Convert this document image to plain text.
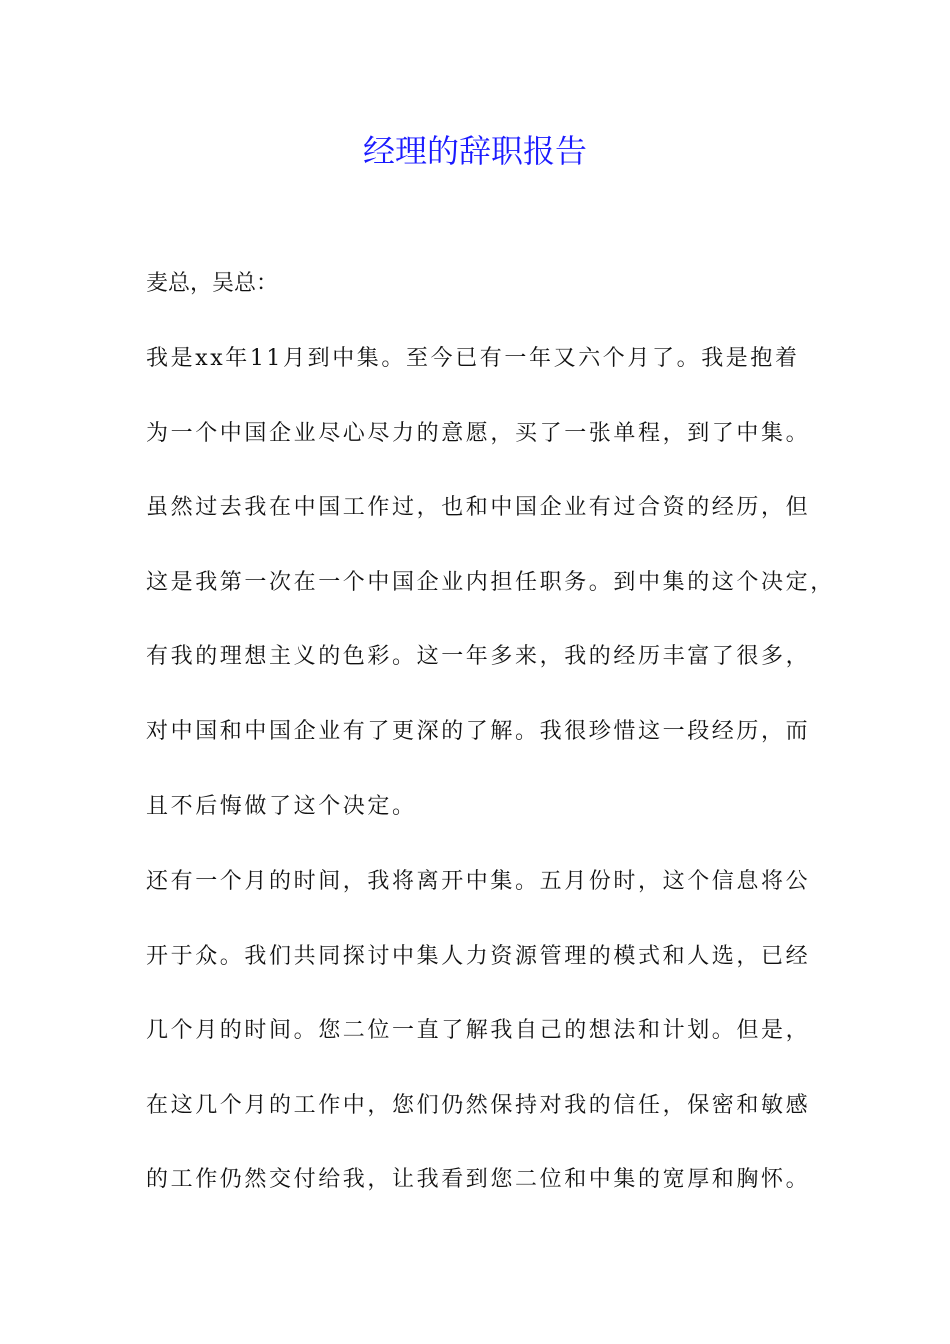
经理的辞职报告
麦总，吴总：
我是xx年11月到中集。至今已有一年又六个月了。我是抱着
为一个中国企业尽心尽力的意愿，买了一张单程，到了中集。
虽然过去我在中国工作过，也和中国企业有过合资的经历，但
这是我第一次在一个中国企业内担任职务。到中集的这个决定，
有我的理想主义的色彩。这一年多来，我的经历丰富了很多，
对中国和中国企业有了更深的了解。我很珍惜这一段经历，而
且不后悔做了这个决定。
还有一个月的时间，我将离开中集。五月份时，这个信息将公
开于众。我们共同探讨中集人力资源管理的模式和人选，已经
几个月的时间。您二位一直了解我自己的想法和计划。但是，
在这几个月的工作中，您们仍然保持对我的信任，保密和敏感
的工作仍然交付给我，让我看到您二位和中集的宽厚和胸怀。
